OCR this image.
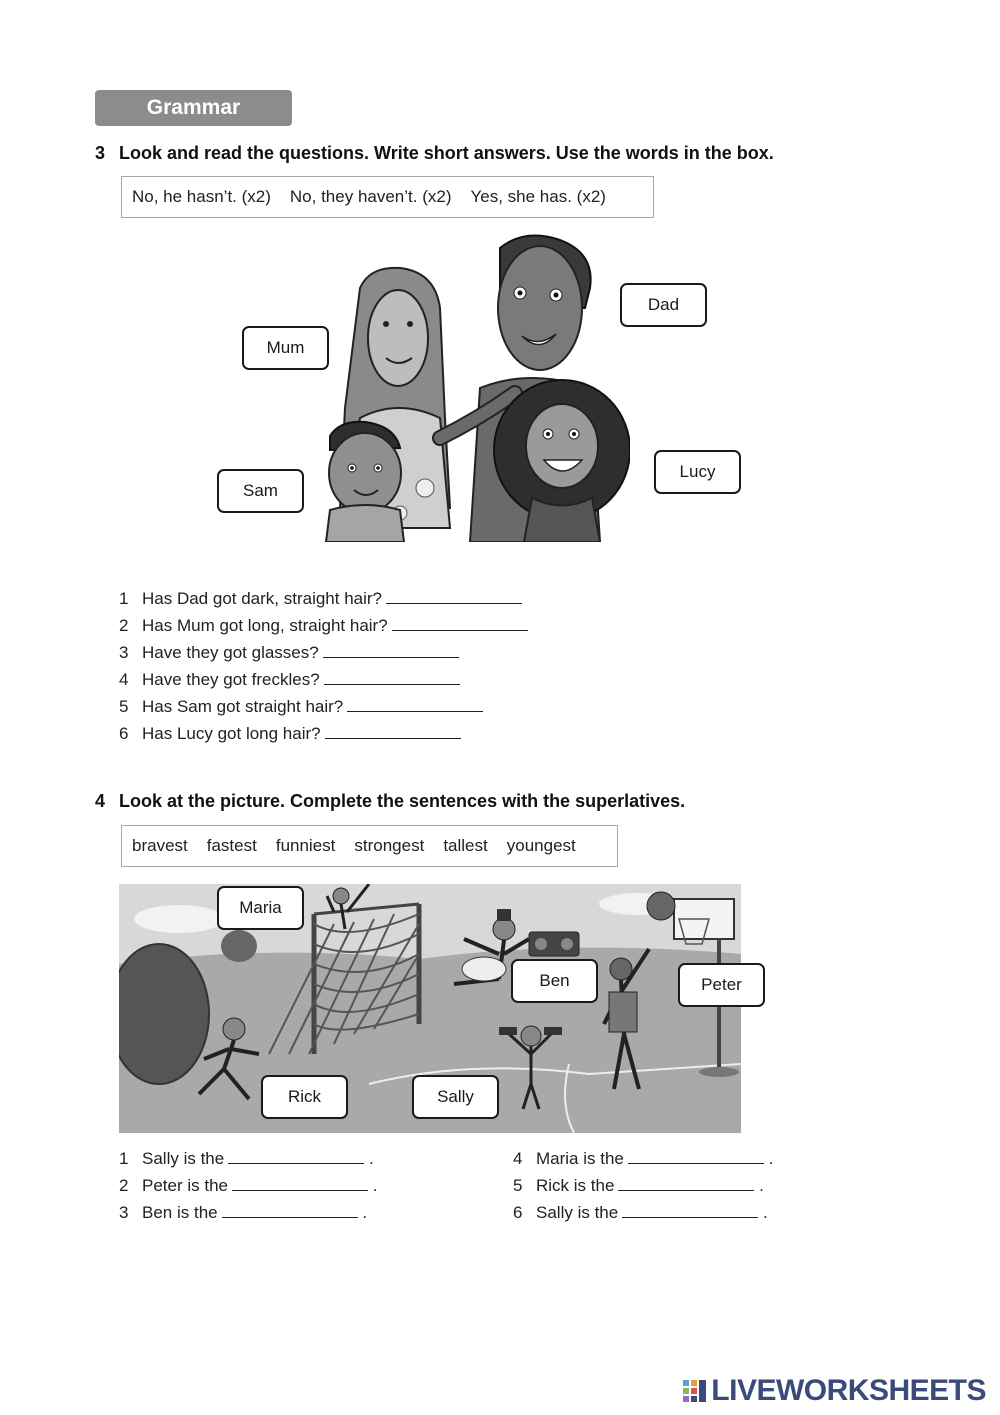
Grammar
3 Look and read the questions. Write short answers. Use the words in the box.
No, he hasn’t. (x2) No, they haven’t. (x2) Yes, she has. (x2)
Mum
Dad
Sam
Lucy
1 Has Dad got dark, straight hair?
2 Has Mum got long, straight hair?
3 Have they got glasses?
4 Have they got freckles?
5 Has Sam got straight hair?
6 Has Lucy got long hair?
4 Look at the picture. Complete the sentences with the superlatives.
bravest fastest funniest strongest tallest youngest
Maria
Ben	Peter
Rick	Sally
1 Sally is the	.
2 Peter is the	.
3 Ben is the	.
4 Maria is the	.
5 Rick is the	.
6 Sally is the	.
LIVEWORKSHEETS
